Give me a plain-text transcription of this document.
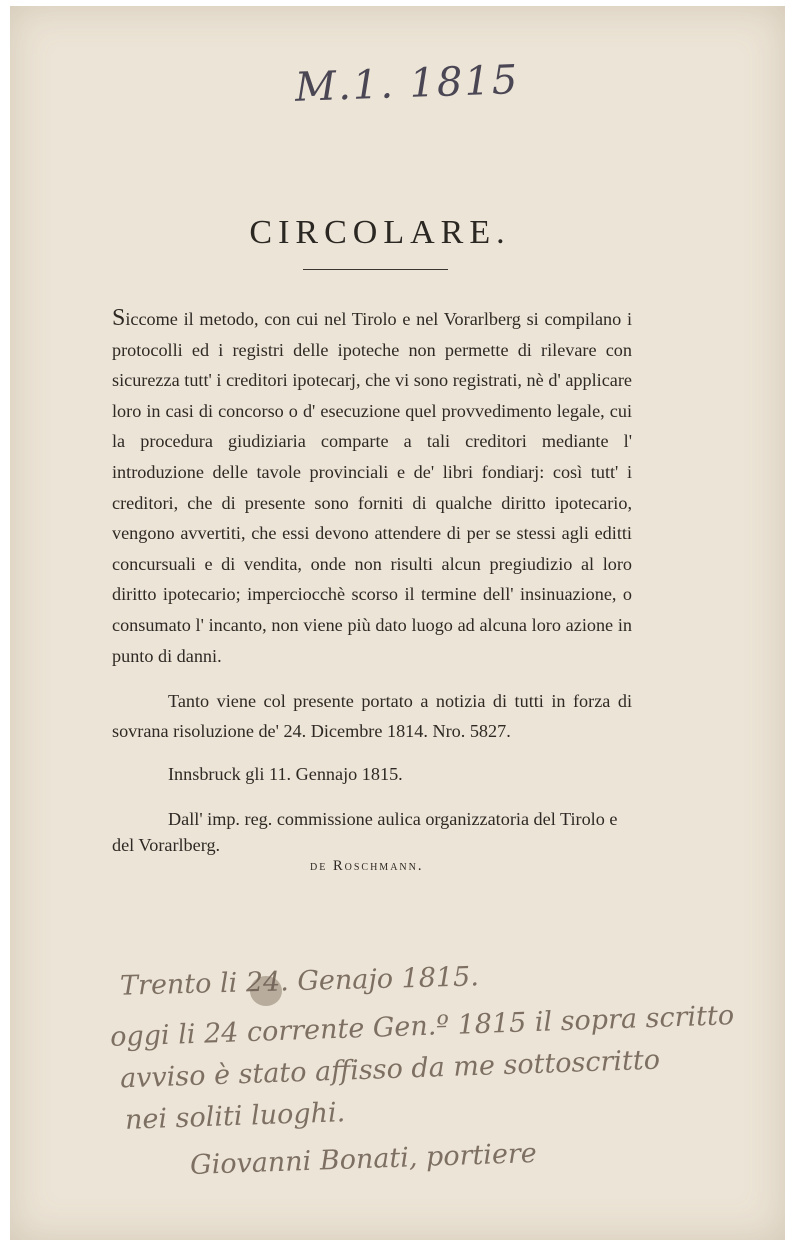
M.1. 1815
CIRCOLARE.

Siccome il metodo, con cui nel Tirolo e nel Vorarlberg si compilano i protocolli ed i registri delle ipoteche non permette di rilevare con sicurezza tutt' i creditori ipotecarj, che vi sono registrati, nè d' applicare loro in casi di concorso o d' esecuzione quel provvedimento legale, cui la procedura giudiziaria comparte a tali creditori mediante l' introduzione delle tavole provinciali e de' libri fondiarj: così tutt' i creditori, che di presente sono forniti di qualche diritto ipotecario, vengono avvertiti, che essi devono attendere di per se stessi agli editti concursuali e di vendita, onde non risulti alcun pregiudizio al loro diritto ipotecario; imperciocchè scorso il termine dell' insinuazione, o consumato l' incanto, non viene più dato luogo ad alcuna loro azione in punto di danni.

Tanto viene col presente portato a notizia di tutti in forza di sovrana risoluzione de' 24. Dicembre 1814. Nro. 5827.

Innsbruck gli 11. Gennajo 1815.

Dall' imp. reg. commissione aulica organizzatoria del Tirolo e del Vorarlberg.

de Roschmann.

Trento li 24. Genajo 1815.
oggi li 24 corrente Gen.º 1815 il sopra scritto
avviso è stato affisso da me sottoscritto
nei soliti luoghi.
Giovanni Bonati, portiere
